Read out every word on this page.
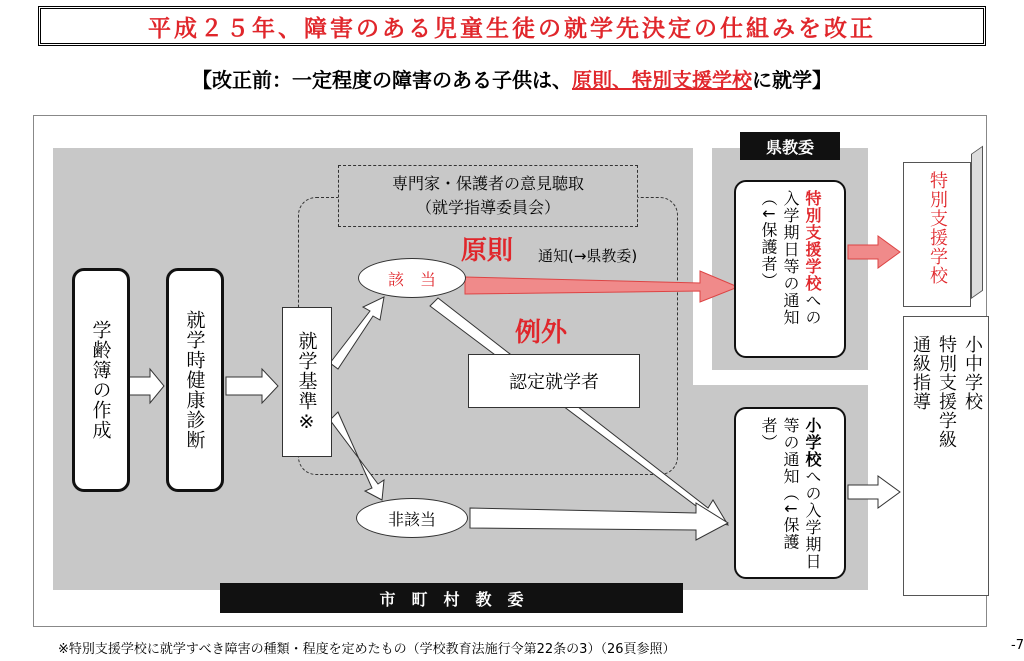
平成２５年、障害のある児童生徒の就学先決定の仕組みを改正
【改正前：一定程度の障害のある子供は、原則、特別支援学校に就学】
県教委
専門家・保護者の意見聴取
（就学指導委員会）
学齢簿の作成	就学時健康診断	就学基準※
該　当
非該当
原則 通知(→県教委)
例外
認定就学者
特別支援学校への
入学期日等の通知
（↓保護者）
小学校への入学期日等の通知（↓保護者）
特別支援学校
小中学校
特別支援学級
通級指導
市　町　村　教　委
※特別支援学校に就学すべき障害の種類・程度を定めたもの（学校教育法施行令第22条の3）（26頁参照）	-7
